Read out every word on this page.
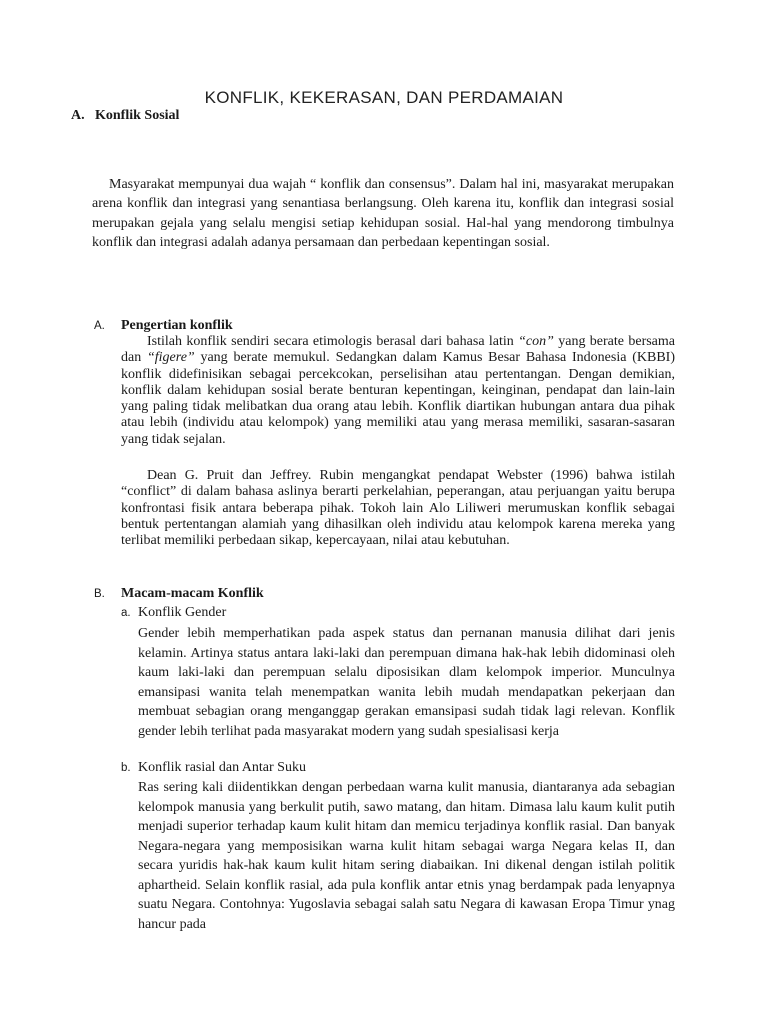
KONFLIK, KEKERASAN, DAN PERDAMAIAN
A. Konflik Sosial

Masyarakat mempunyai dua wajah “ konflik dan consensus”. Dalam hal ini, masyarakat merupakan arena konflik dan integrasi yang senantiasa berlangsung. Oleh karena itu, konflik dan integrasi sosial merupakan gejala yang selalu mengisi setiap kehidupan sosial. Hal-hal yang mendorong timbulnya konflik dan integrasi adalah adanya persamaan dan perbedaan kepentingan sosial.

A.	Pengertian konflik

Istilah konflik sendiri secara etimologis berasal dari bahasa latin “con” yang berate bersama dan “figere” yang berate memukul. Sedangkan dalam Kamus Besar Bahasa Indonesia (KBBI) konflik didefinisikan sebagai percekcokan, perselisihan atau pertentangan. Dengan demikian, konflik dalam kehidupan sosial berate benturan kepentingan, keinginan, pendapat dan lain-lain yang paling tidak melibatkan dua orang atau lebih. Konflik diartikan hubungan antara dua pihak atau lebih (individu atau kelompok) yang memiliki atau yang merasa memiliki, sasaran-sasaran yang tidak sejalan.

Dean G. Pruit dan Jeffrey. Rubin mengangkat pendapat Webster (1996) bahwa istilah “conflict” di dalam bahasa aslinya berarti perkelahian, peperangan, atau perjuangan yaitu berupa konfrontasi fisik antara beberapa pihak. Tokoh lain Alo Liliweri merumuskan konflik sebagai bentuk pertentangan alamiah yang dihasilkan oleh individu atau kelompok karena mereka yang terlibat memiliki perbedaan sikap, kepercayaan, nilai atau kebutuhan.

B.	Macam-macam Konflik
a. Konflik Gender

Gender lebih memperhatikan pada aspek status dan pernanan manusia dilihat dari jenis kelamin. Artinya status antara laki-laki dan perempuan dimana hak-hak lebih didominasi oleh kaum laki-laki dan perempuan selalu diposisikan dlam kelompok imperior. Munculnya emansipasi wanita telah menempatkan wanita lebih mudah mendapatkan pekerjaan dan membuat sebagian orang menganggap gerakan emansipasi sudah tidak lagi relevan. Konflik gender lebih terlihat pada masyarakat modern yang sudah spesialisasi kerja

b. Konflik rasial dan Antar Suku

Ras sering kali diidentikkan dengan perbedaan warna kulit manusia, diantaranya ada sebagian kelompok manusia yang berkulit putih, sawo matang, dan hitam. Dimasa lalu kaum kulit putih menjadi superior terhadap kaum kulit hitam dan memicu terjadinya konflik rasial. Dan banyak Negara-negara yang memposisikan warna kulit hitam sebagai warga Negara kelas II, dan secara yuridis hak-hak kaum kulit hitam sering diabaikan. Ini dikenal dengan istilah politik aphartheid. Selain konflik rasial, ada pula konflik antar etnis ynag berdampak pada lenyapnya suatu Negara. Contohnya: Yugoslavia sebagai salah satu Negara di kawasan Eropa Timur ynag hancur pada
